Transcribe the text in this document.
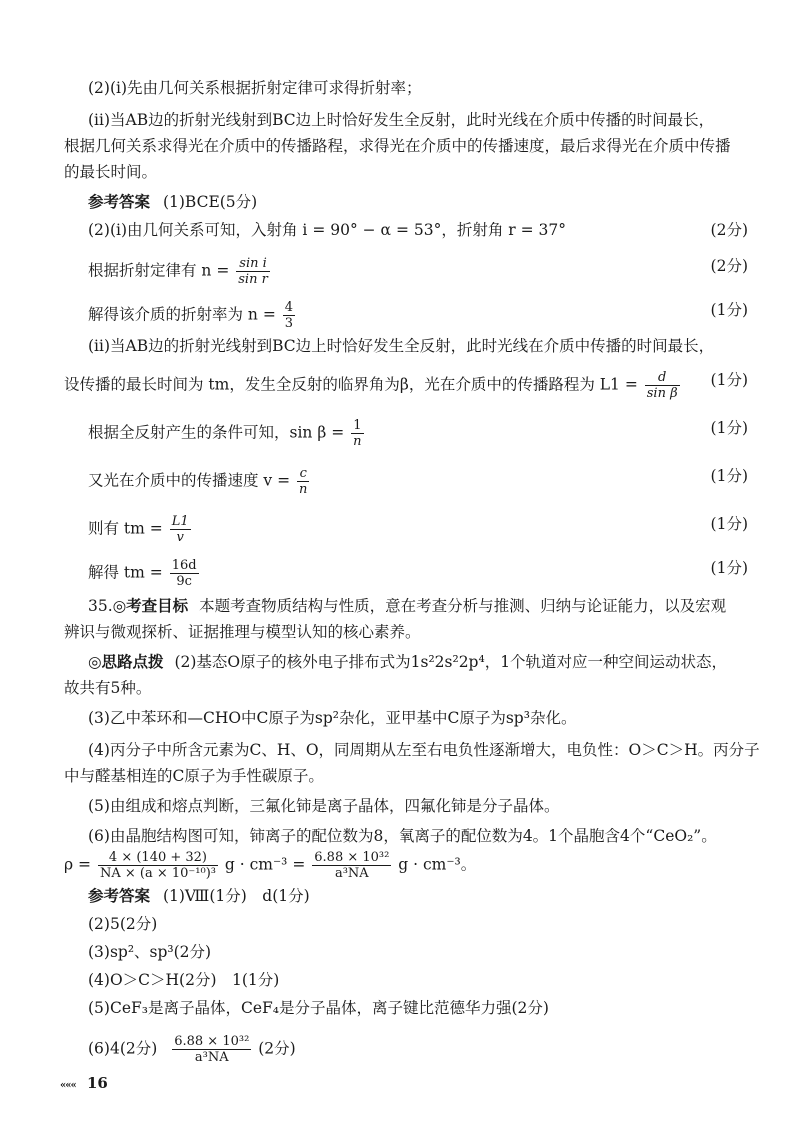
(2)(ⅰ)先由几何关系根据折射定律可求得折射率；
(ⅱ)当AB边的折射光线射到BC边上时恰好发生全反射，此时光线在介质中传播的时间最长，
根据几何关系求得光在介质中的传播路程，求得光在介质中的传播速度，最后求得光在介质中传播
的最长时间。
参考答案 (1)BCE(5分)
(2)(ⅰ)由几何关系可知，入射角 i = 90° − α = 53°，折射角 r = 37°	(2分)
根据折射定律有 $n = \frac{\text{sin i}}{\text{sin r}}$	(2分)
解得该介质的折射率为 $n = \frac{4}{3}$	(1分)
(ⅱ)当AB边的折射光线射到BC边上时恰好发生全反射，此时光线在介质中传播的时间最长，
设传播的最长时间为 tm，发生全反射的临界角为β，光在介质中的传播路程为 $L1 = \frac{d}{\text{sin β}} (1$分)
根据全反射产生的条件可知，$\sin \beta = \frac{1}{n}$	(1分)
又光在介质中的传播速度 $v = \frac{c}{n}$	(1分)
则有 tm = $\frac{L1}{v}$	(1分)
解得 tm = $\frac{16d}{9c}$	(1分)
35.◎考查目标 本题考查物质结构与性质，意在考查分析与推测、归纳与论证能力，以及宏观
辨识与微观探析、证据推理与模型认知的核心素养。
◎思路点拨 (2)基态O原子的核外电子排布式为1s²2s²2p⁴，1个轨道对应一种空间运动状态，
故共有5种。
(3)乙中苯环和—CHO中C原子为sp²杂化，亚甲基中C原子为sp³杂化。
(4)丙分子中所含元素为C、H、O，同周期从左至右电负性逐渐增大，电负性：O＞C＞H。丙分子
中与醛基相连的C原子为手性碳原子。
(5)由组成和熔点判断，三氟化铈是离子晶体，四氟化铈是分子晶体。
(6)由晶胞结构图可知，铈离子的配位数为8，氧离子的配位数为4。1个晶胞含4个“CeO₂”。
$\rho = \frac{4 \times (140 + 32)}{\text{NA × (a × 10⁻¹⁰)³}}$ $g \cdot cm^{-3} = \frac{\text{6.88 × 10³²}}{\text{a³NA}}$ g · cm⁻³。
参考答案 (1)Ⅷ(1分)　d(1分)
(2)5(2分)
(3)sp²、sp³(2分)
(4)O＞C＞H(2分)　1(1分)
(5)CeF₃是离子晶体，CeF₄是分子晶体，离子键比范德华力强(2分)
(6)4(2分) $\frac{\text{6.88 × 10³²}}{\text{a³NA}} (2$分)
««« 16
